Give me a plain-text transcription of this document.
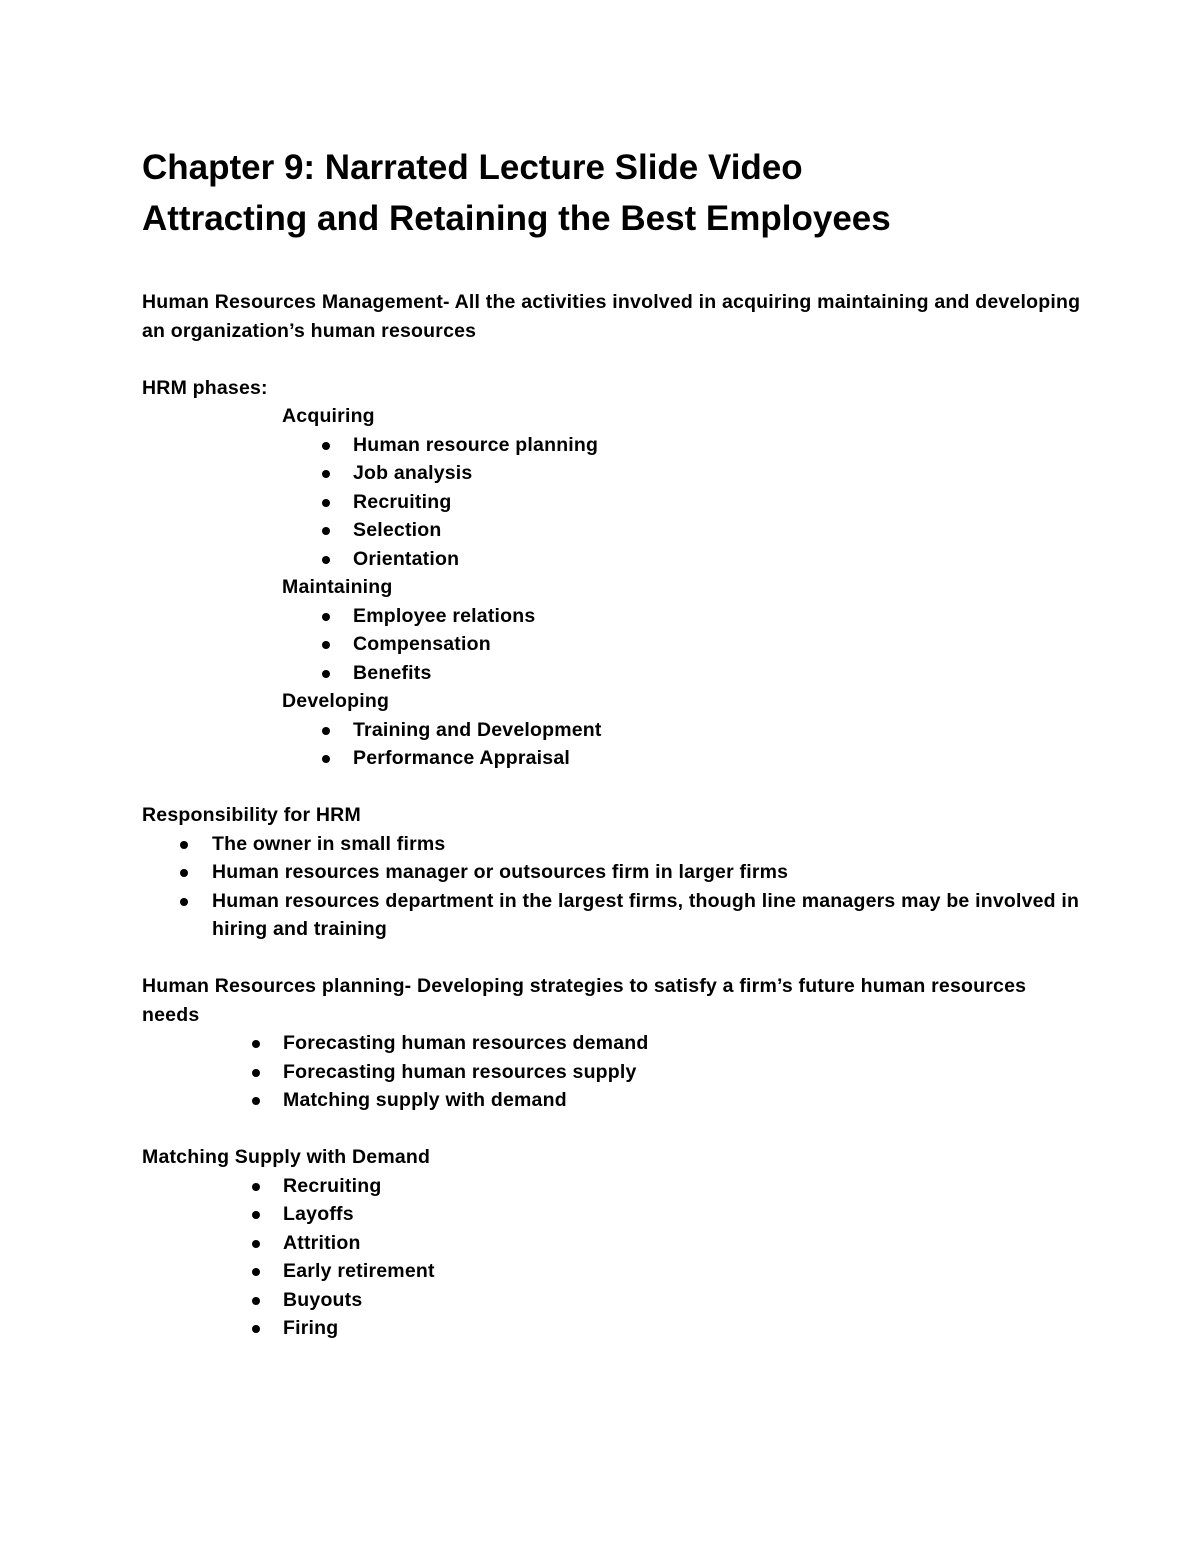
Chapter 9: Narrated Lecture Slide Video
Attracting and Retaining the Best Employees

Human Resources Management- All the activities involved in acquiring maintaining and developing an organization’s human resources

HRM phases:

Acquiring

Human resource planning
Job analysis
Recruiting
Selection
Orientation

Maintaining

Employee relations
Compensation
Benefits

Developing

Training and Development
Performance Appraisal

Responsibility for HRM

The owner in small firms
Human resources manager or outsources firm in larger firms
Human resources department in the largest firms, though line managers may be involved in hiring and training

Human Resources planning- Developing strategies to satisfy a firm’s future human resources needs

Forecasting human resources demand
Forecasting human resources supply
Matching supply with demand

Matching Supply with Demand

Recruiting
Layoffs
Attrition
Early retirement
Buyouts
Firing
